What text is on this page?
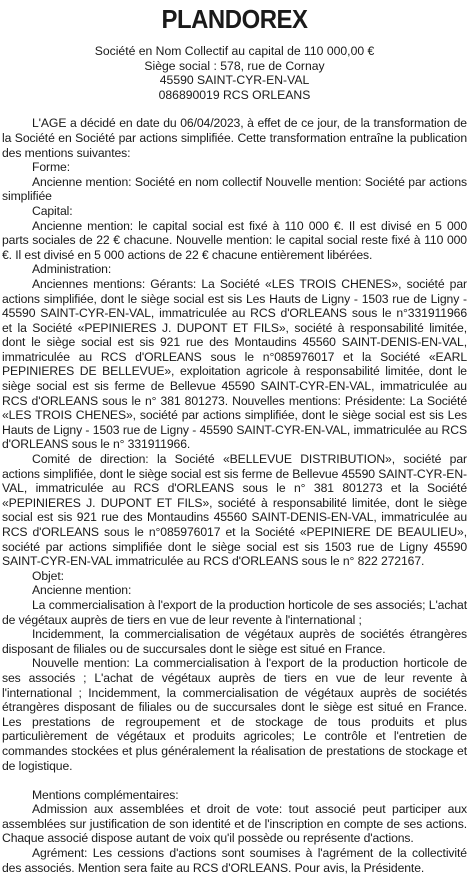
PLANDOREX
Société en Nom Collectif au capital de 110 000,00 €
Siège social : 578, rue de Cornay
45590 SAINT-CYR-EN-VAL
086890019 RCS ORLEANS

L'AGE a décidé en date du 06/04/2023, à effet de ce jour, de la transformation de la Société en Société par actions simplifiée. Cette transformation entraîne la publication des mentions suivantes:

Forme:

Ancienne mention: Société en nom collectif Nouvelle mention: Société par actions simplifiée

Capital:

Ancienne mention: le capital social est fixé à 110 000 €. Il est divisé en 5 000 parts sociales de 22 € chacune. Nouvelle mention: le capital social reste fixé à 110 000 €. Il est divisé en 5 000 actions de 22 € chacune entièrement libérées.

Administration:

Anciennes mentions: Gérants: La Société «LES TROIS CHENES», société par actions simplifiée, dont le siège social est sis Les Hauts de Ligny - 1503 rue de Ligny - 45590 SAINT-CYR-EN-VAL, immatriculée au RCS d'ORLEANS sous le n°331911966 et la Société «PEPINIERES J. DUPONT ET FILS», société à responsabilité limitée, dont le siège social est sis 921 rue des Montaudins 45560 SAINT-DENIS-EN-VAL, immatriculée au RCS d'ORLEANS sous le n°085976017 et la Société «EARL PEPINIERES DE BELLEVUE», exploitation agricole à responsabilité limitée, dont le siège social est sis ferme de Bellevue 45590 SAINT-CYR-EN-VAL, immatriculée au RCS d'ORLEANS sous le n° 381 801273. Nouvelles mentions: Présidente: La Société «LES TROIS CHENES», société par actions simplifiée, dont le siège social est sis Les Hauts de Ligny - 1503 rue de Ligny - 45590 SAINT-CYR-EN-VAL, immatriculée au RCS d'ORLEANS sous le n° 331911966.

Comité de direction: la Société «BELLEVUE DISTRIBUTION», société par actions simplifiée, dont le siège social est sis ferme de Bellevue 45590 SAINT-CYR-EN-VAL, immatriculée au RCS d'ORLEANS sous le n° 381 801273 et la Société «PEPINIERES J. DUPONT ET FILS», société à responsabilité limitée, dont le siège social est sis 921 rue des Montaudins 45560 SAINT-DENIS-EN-VAL, immatriculée au RCS d'ORLEANS sous le n°085976017 et la Société «PEPINIERE DE BEAULIEU», société par actions simplifiée dont le siège social est sis 1503 rue de Ligny 45590 SAINT-CYR-EN-VAL immatriculée au RCS d'ORLEANS sous le n° 822 272167.

Objet:
Ancienne mention:

La commercialisation à l'export de la production horticole de ses associés; L'achat de végétaux auprès de tiers en vue de leur revente à l'international ;

Incidemment, la commercialisation de végétaux auprès de sociétés étrangères disposant de filiales ou de succursales dont le siège est situé en France.

Nouvelle mention: La commercialisation à l'export de la production horticole de ses associés ; L'achat de végétaux auprès de tiers en vue de leur revente à l'international ; Incidemment, la commercialisation de végétaux auprès de sociétés étrangères disposant de filiales ou de succursales dont le siège est situé en France. Les prestations de regroupement et de stockage de tous produits et plus particulièrement de végétaux et produits agricoles; Le contrôle et l'entretien de commandes stockées et plus généralement la réalisation de prestations de stockage et de logistique.

Mentions complémentaires:

Admission aux assemblées et droit de vote: tout associé peut participer aux assemblées sur justification de son identité et de l'inscription en compte de ses actions. Chaque associé dispose autant de voix qu'il possède ou représente d'actions.

Agrément: Les cessions d'actions sont soumises à l'agrément de la collectivité des associés. Mention sera faite au RCS d'ORLEANS. Pour avis, la Présidente.
